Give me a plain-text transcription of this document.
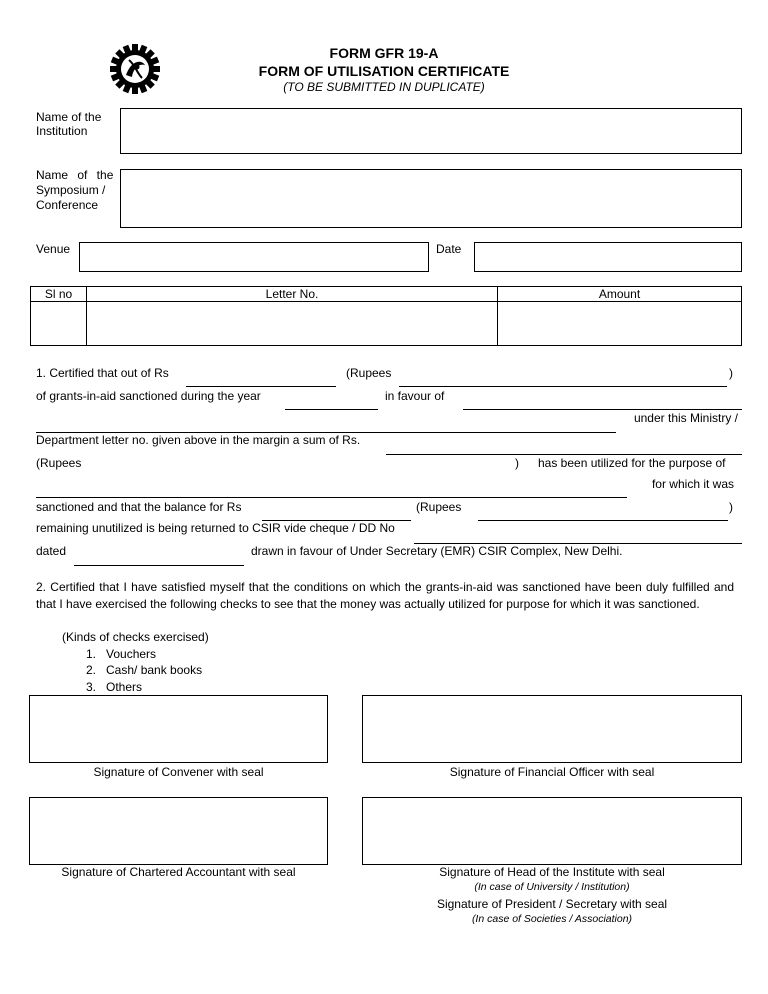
FORM GFR 19-A
FORM OF UTILISATION CERTIFICATE
(TO BE SUBMITTED IN DUPLICATE)
Name of the
Institution
Name of the
Symposium /
Conference
Venue	Date
Sl no	Letter No.	Amount

1. Certified that out of Rs	(Rupees	)
of grants-in-aid sanctioned during the year	in favour of
under this Ministry /
Department letter no. given above in the margin a sum of Rs.
(Rupees	) has been utilized for the purpose of
for which it was
sanctioned and that the balance for Rs	(Rupees	)
remaining unutilized is being returned to CSIR vide cheque / DD No
dated	drawn in favour of Under Secretary (EMR) CSIR Complex, New Delhi.
2. Certified that I have satisfied myself that the conditions on which the grants-in-aid was sanctioned have been duly fulfilled and that I have exercised the following checks to see that the money was actually utilized for purpose for which it was sanctioned.
(Kinds of checks exercised)
1.   Vouchers
2.   Cash/ bank books
3.   Others
Signature of Convener with seal	Signature of Financial Officer with seal
Signature of Chartered Accountant with seal	Signature of Head of the Institute with seal
(In case of University / Institution)
Signature of President / Secretary with seal
(In case of Societies / Association)
